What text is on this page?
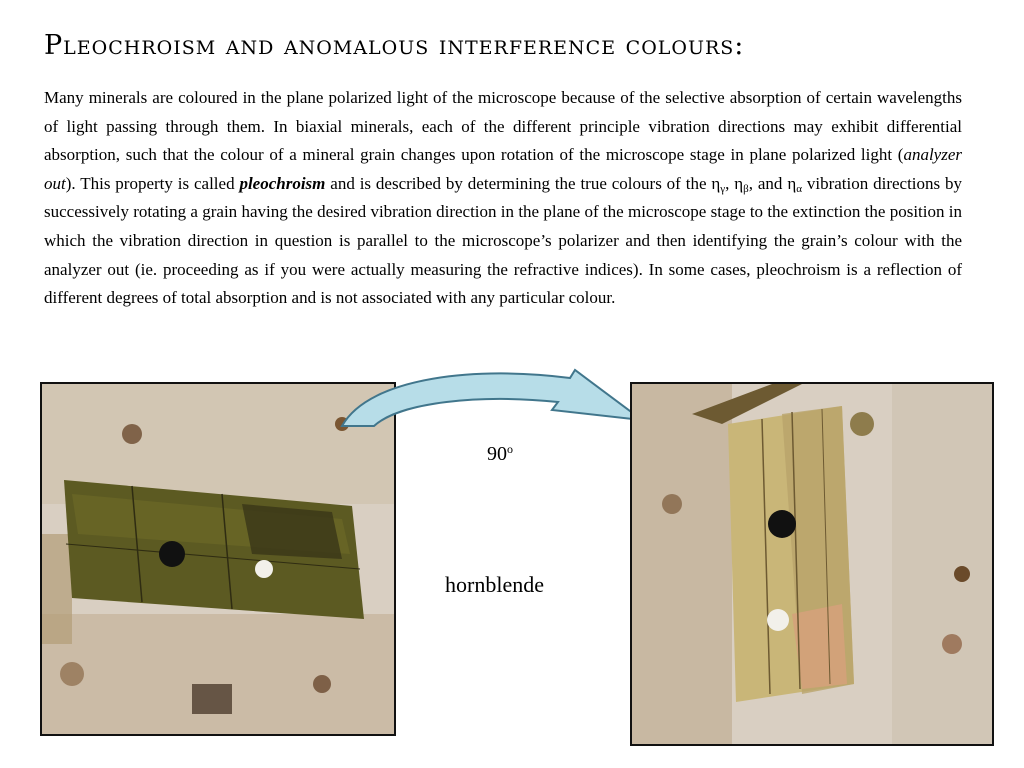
Pleochroism and anomalous interference colours:

Many minerals are coloured in the plane polarized light of the microscope because of the selective absorption of certain wavelengths of light passing through them. In biaxial minerals, each of the different principle vibration directions may exhibit differential absorption, such that the colour of a mineral grain changes upon rotation of the microscope stage in plane polarized light (analyzer out). This property is called pleochroism and is described by determining the true colours of the $\eta_\gamma$, $\eta_\beta$, and $\eta_\alpha$ vibration directions by successively rotating a grain having the desired vibration direction in the plane of the microscope stage to the extinction the position in which the vibration direction in question is parallel to the microscope’s polarizer and then identifying the grain’s colour with the analyzer out (ie. proceeding as if you were actually measuring the refractive indices). In some cases, pleochroism is a reflection of different degrees of total absorption and is not associated with any particular colour.

90$^o$
hornblende
